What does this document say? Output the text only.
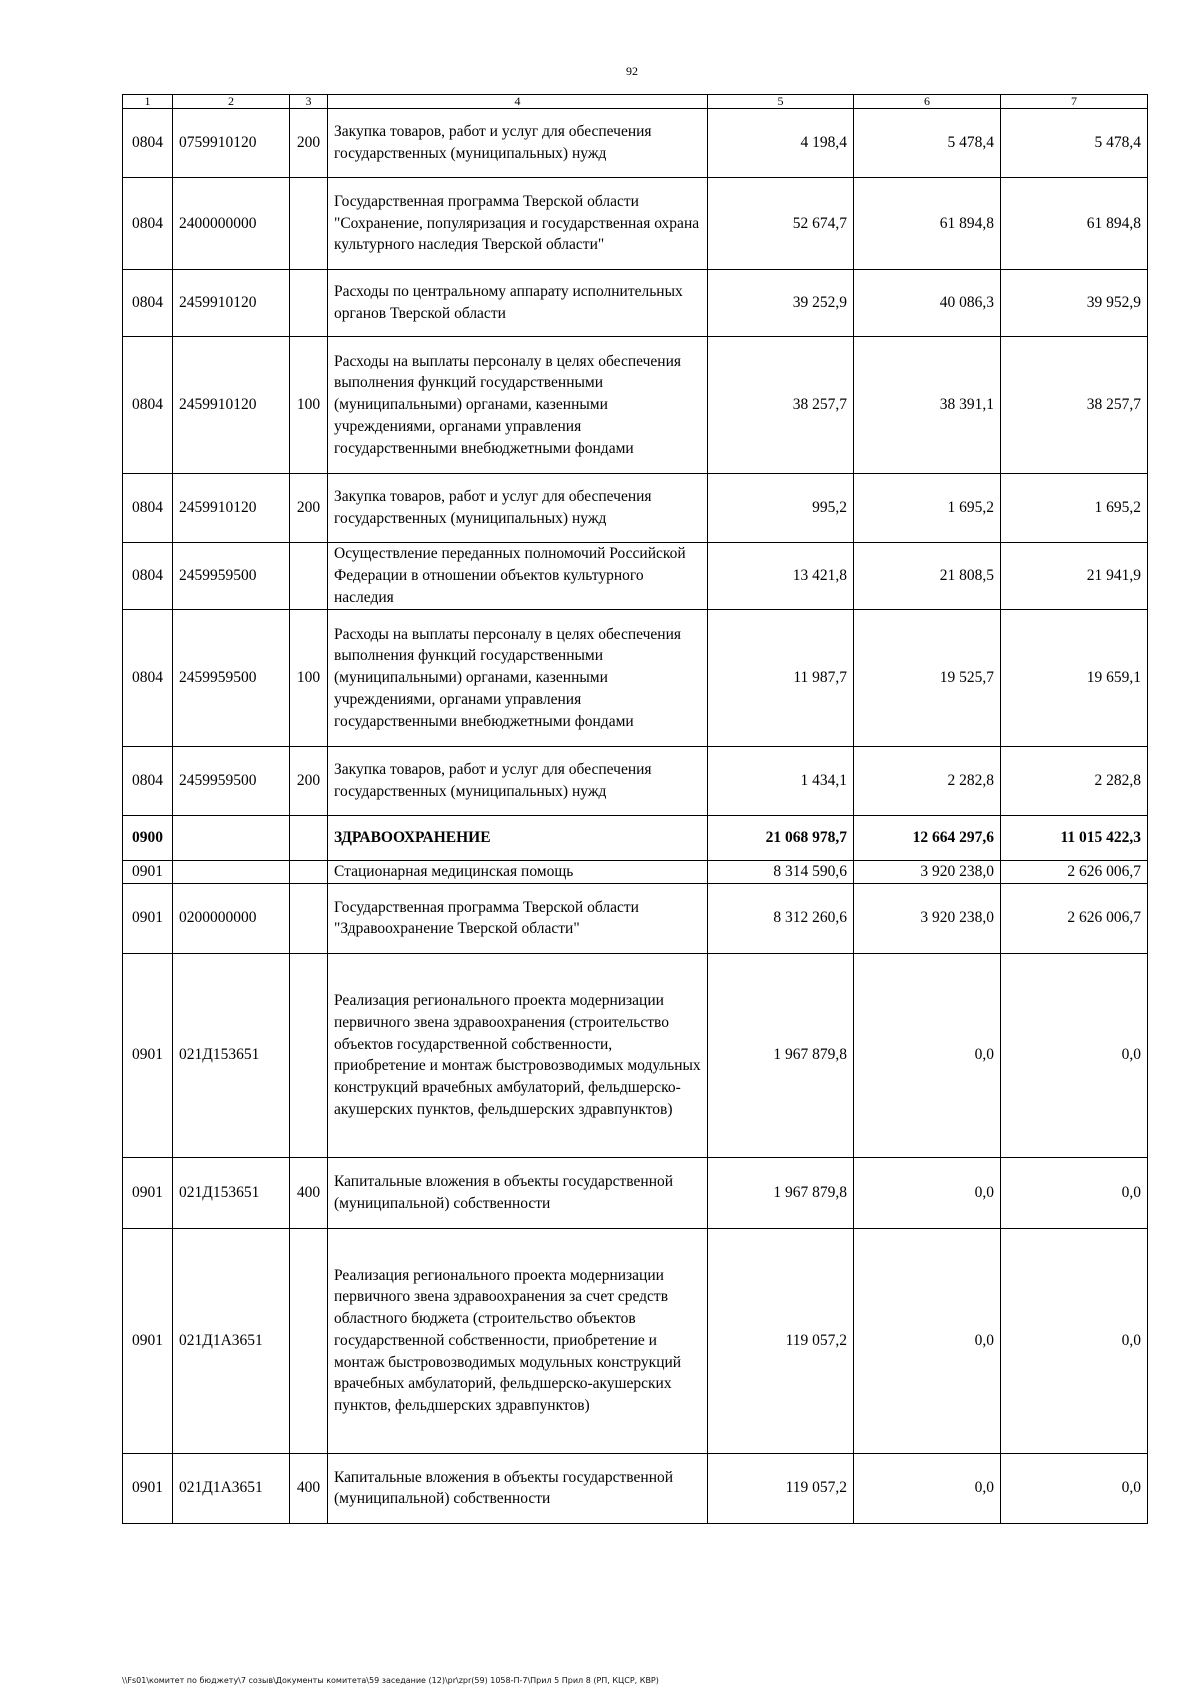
92
1	2	3	4	5	6	7
0804	0759910120	200	Закупка товаров, работ и услуг для обеспечения государственных (муниципальных) нужд	4 198,4	5 478,4	5 478,4
0804	2400000000		Государственная программа Тверской области "Сохранение, популяризация и государственная охрана культурного наследия Тверской области"	52 674,7	61 894,8	61 894,8
0804	2459910120		Расходы по центральному аппарату исполнительных органов Тверской области	39 252,9	40 086,3	39 952,9
0804	2459910120	100	Расходы на выплаты персоналу в целях обеспечения выполнения функций государственными (муниципальными) органами, казенными учреждениями, органами управления государственными внебюджетными фондами	38 257,7	38 391,1	38 257,7
0804	2459910120	200	Закупка товаров, работ и услуг для обеспечения государственных (муниципальных) нужд	995,2	1 695,2	1 695,2
0804	2459959500		Осуществление переданных полномочий Российской Федерации в отношении объектов культурного наследия	13 421,8	21 808,5	21 941,9
0804	2459959500	100	Расходы на выплаты персоналу в целях обеспечения выполнения функций государственными (муниципальными) органами, казенными учреждениями, органами управления государственными внебюджетными фондами	11 987,7	19 525,7	19 659,1
0804	2459959500	200	Закупка товаров, работ и услуг для обеспечения государственных (муниципальных) нужд	1 434,1	2 282,8	2 282,8
0900			ЗДРАВООХРАНЕНИЕ	21 068 978,7	12 664 297,6	11 015 422,3
0901			Стационарная медицинская помощь	8 314 590,6	3 920 238,0	2 626 006,7
0901	0200000000		Государственная программа Тверской области "Здравоохранение Тверской области"	8 312 260,6	3 920 238,0	2 626 006,7
0901	021Д153651		Реализация регионального проекта модернизации первичного звена здравоохранения (строительство объектов государственной собственности, приобретение и монтаж быстровозводимых модульных конструкций врачебных амбулаторий, фельдшерско-акушерских пунктов, фельдшерских здравпунктов)	1 967 879,8	0,0	0,0
0901	021Д153651	400	Капитальные вложения в объекты государственной (муниципальной) собственности	1 967 879,8	0,0	0,0
0901	021Д1А3651		Реализация регионального проекта модернизации первичного звена здравоохранения за счет средств областного бюджета (строительство объектов государственной собственности, приобретение и монтаж быстровозводимых модульных конструкций врачебных амбулаторий, фельдшерско-акушерских пунктов, фельдшерских здравпунктов)	119 057,2	0,0	0,0
0901	021Д1А3651	400	Капитальные вложения в объекты государственной (муниципальной) собственности	119 057,2	0,0	0,0
\\Fs01\комитет по бюджету\7 созыв\Документы комитета\59 заседание (12)\pr\zpr(59) 1058-П-7\Прил 5 Прил 8 (РП, КЦСР, КВР)
